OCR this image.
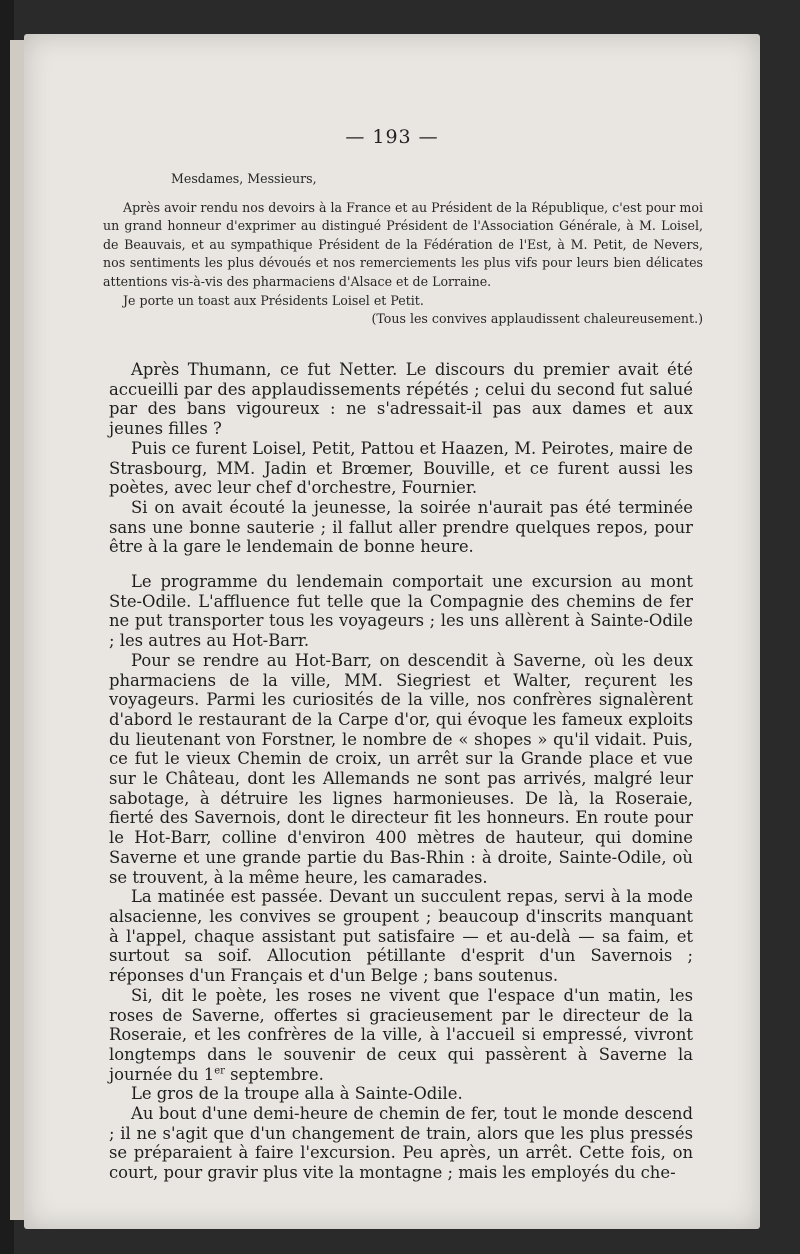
— 193 —
Mesdames, Messieurs,

Après avoir rendu nos devoirs à la France et au Président de la République, c'est pour moi un grand honneur d'exprimer au distingué Président de l'Association Générale, à M. Loisel, de Beauvais, et au sympathique Président de la Fédération de l'Est, à M. Petit, de Nevers, nos sentiments les plus dévoués et nos remerciements les plus vifs pour leurs bien délicates attentions vis-à-vis des pharmaciens d'Alsace et de Lorraine.

Je porte un toast aux Présidents Loisel et Petit.

(Tous les convives applaudissent chaleureusement.)

Après Thumann, ce fut Netter. Le discours du premier avait été accueilli par des applaudissements répétés ; celui du second fut salué par des bans vigoureux : ne s'adressait-il pas aux dames et aux jeunes filles ?

Puis ce furent Loisel, Petit, Pattou et Haazen, M. Peirotes, maire de Strasbourg, MM. Jadin et Brœmer, Bouville, et ce furent aussi les poètes, avec leur chef d'orchestre, Fournier.

Si on avait écouté la jeunesse, la soirée n'aurait pas été terminée sans une bonne sauterie ; il fallut aller prendre quelques repos, pour être à la gare le lendemain de bonne heure.

Le programme du lendemain comportait une excursion au mont Ste-Odile. L'affluence fut telle que la Compagnie des chemins de fer ne put transporter tous les voyageurs ; les uns allèrent à Sainte-Odile ; les autres au Hot-Barr.

Pour se rendre au Hot-Barr, on descendit à Saverne, où les deux pharmaciens de la ville, MM. Siegriest et Walter, reçurent les voyageurs. Parmi les curiosités de la ville, nos confrères signalèrent d'abord le restaurant de la Carpe d'or, qui évoque les fameux exploits du lieutenant von Forstner, le nombre de « shopes » qu'il vidait. Puis, ce fut le vieux Chemin de croix, un arrêt sur la Grande place et vue sur le Château, dont les Allemands ne sont pas arrivés, malgré leur sabotage, à détruire les lignes harmonieuses. De là, la Roseraie, fierté des Savernois, dont le directeur fit les honneurs. En route pour le Hot-Barr, colline d'environ 400 mètres de hauteur, qui domine Saverne et une grande partie du Bas-Rhin : à droite, Sainte-Odile, où se trouvent, à la même heure, les camarades.

La matinée est passée. Devant un succulent repas, servi à la mode alsacienne, les convives se groupent ; beaucoup d'inscrits manquant à l'appel, chaque assistant put satisfaire — et au-delà — sa faim, et surtout sa soif. Allocution pétillante d'esprit d'un Savernois ; réponses d'un Français et d'un Belge ; bans soutenus.

Si, dit le poète, les roses ne vivent que l'espace d'un matin, les roses de Saverne, offertes si gracieusement par le directeur de la Roseraie, et les confrères de la ville, à l'accueil si empressé, vivront longtemps dans le souvenir de ceux qui passèrent à Saverne la journée du 1er septembre.

Le gros de la troupe alla à Sainte-Odile.

Au bout d'une demi-heure de chemin de fer, tout le monde descend ; il ne s'agit que d'un changement de train, alors que les plus pressés se préparaient à faire l'excursion. Peu après, un arrêt. Cette fois, on court, pour gravir plus vite la montagne ; mais les employés du che-
